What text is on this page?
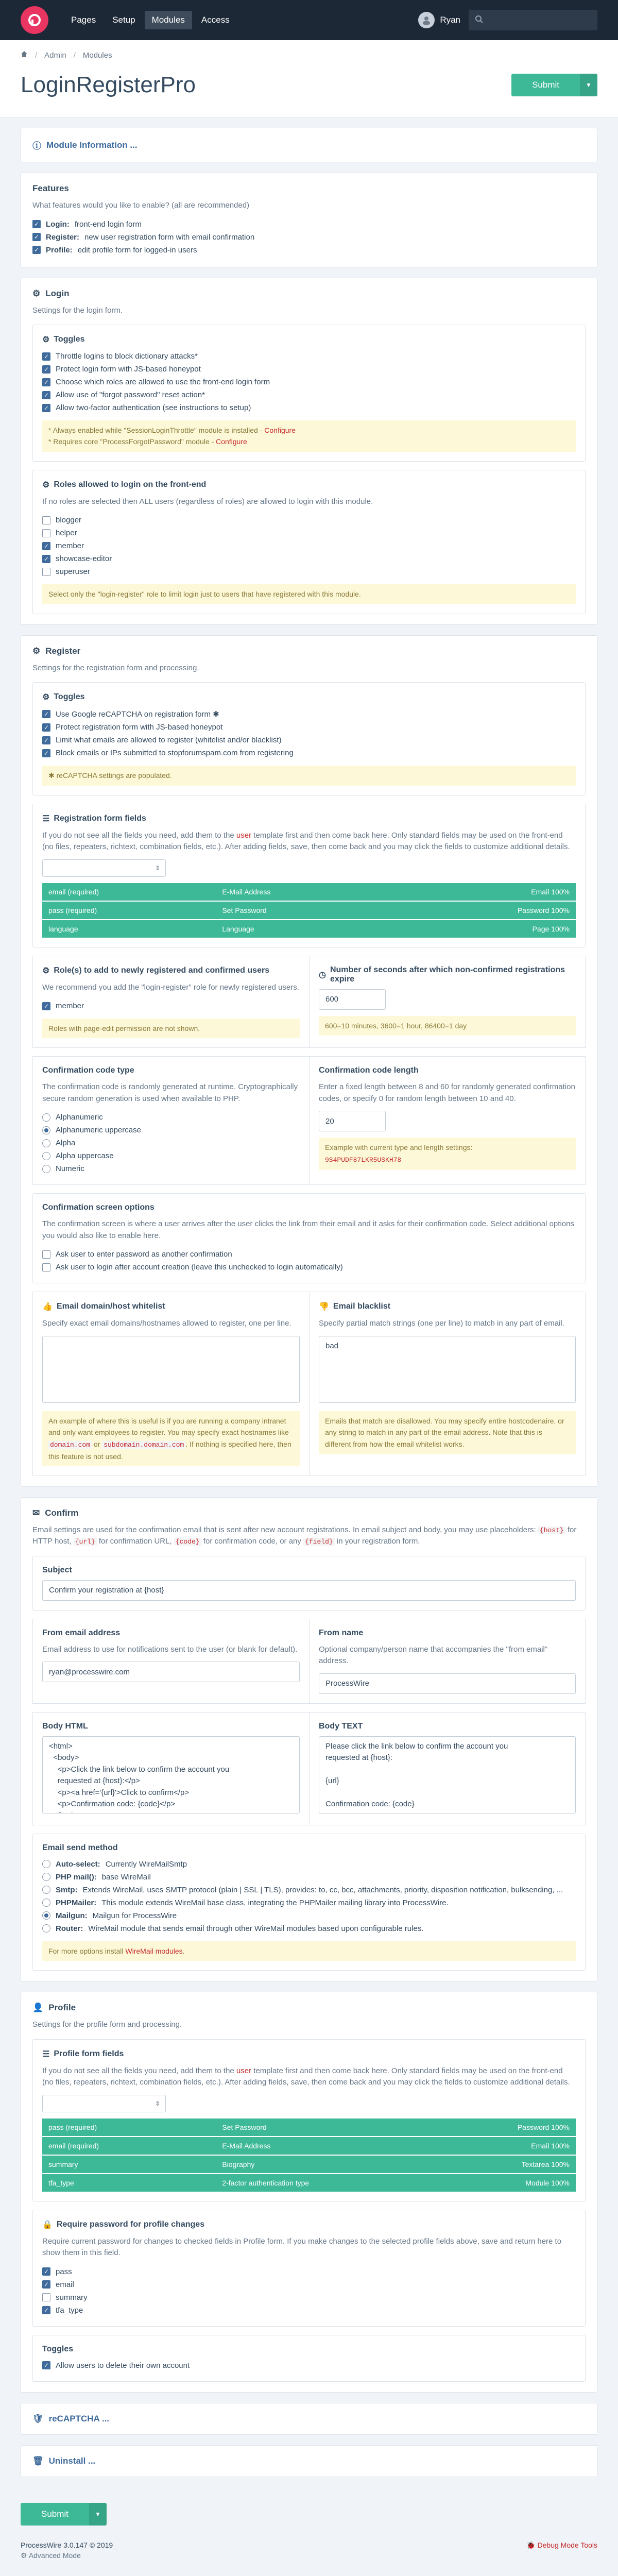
Pages	Setup	Modules	Access	Ryan
/ Admin / Modules
LoginRegisterPro	Submit	▼
ⓘ Module Information ...
Features
What features would you like to enable? (all are recommended)
✓ Login: front-end login form
✓ Register: new user registration form with email confirmation
✓ Profile: edit profile form for logged-in users
⚙ Login
Settings for the login form.
⚙ Toggles
✓ Throttle logins to block dictionary attacks*
✓ Protect login form with JS-based honeypot
✓ Choose which roles are allowed to use the front-end login form
✓ Allow use of "forgot password" reset action*
✓ Allow two-factor authentication (see instructions to setup)
* Always enabled while "SessionLoginThrottle" module is installed - Configure
* Requires core "ProcessForgotPassword" module - Configure
⚙ Roles allowed to login on the front-end
If no roles are selected then ALL users (regardless of roles) are allowed to login with this module.
blogger
helper
✓ member
✓ showcase-editor
superuser
Select only the "login-register" role to limit login just to users that have registered with this module.
⚙ Register
Settings for the registration form and processing.
⚙ Toggles
✓ Use Google reCAPTCHA on registration form ✱
✓ Protect registration form with JS-based honeypot
✓ Limit what emails are allowed to register (whitelist and/or blacklist)
✓ Block emails or IPs submitted to stopforumspam.com from registering
✱ reCAPTCHA settings are populated.
☰ Registration form fields
If you do not see all the fields you need, add them to the user template first and then come back here. Only standard fields may be used on the front-end (no files, repeaters, richtext, combination fields, etc.). After adding fields, save, then come back and you may click the fields to customize additional details.
⇕
email (required)	E-Mail Address	Email 100%
pass (required)	Set Password	Password 100%
language	Language	Page 100%
⚙ Role(s) to add to newly registered and confirmed users
We recommend you add the "login-register" role for newly registered users.
✓ member
Roles with page-edit permission are not shown.
◷
Number of seconds after which non-confirmed registrations expire
600
600=10 minutes, 3600=1 hour, 86400=1 day
Confirmation code type
The confirmation code is randomly generated at runtime. Cryptographically secure random generation is used when available to PHP.
Alphanumeric
Alphanumeric uppercase
Alpha
Alpha uppercase
Numeric
Confirmation code length
Enter a fixed length between 8 and 60 for randomly generated confirmation codes, or specify 0 for random length between 10 and 40.
20
Example with current type and length settings:
9S4PUDF87LKR5USKH78
Confirmation screen options
The confirmation screen is where a user arrives after the user clicks the link from their email and it asks for their confirmation code. Select additional options you would also like to enable here.
Ask user to enter password as another confirmation
Ask user to login after account creation (leave this unchecked to login automatically)
👍 Email domain/host whitelist
Specify exact email domains/hostnames allowed to register, one per line.
An example of where this is useful is if you are running a company intranet and only want employees to register. You may specify exact hostnames like domain.com or subdomain.domain.com . If nothing is specified here, then this feature is not used.
👎 Email blacklist
Specify partial match strings (one per line) to match in any part of email.
bad
Emails that match are disallowed. You may specify entire hostcodenaire, or any string to match in any part of the email address. Note that this is different from how the email whitelist works.
✉ Confirm
Email settings are used for the confirmation email that is sent after new account registrations. In email subject and body, you may use placeholders: {host} for HTTP host, {url} for confirmation URL, {code} for confirmation code, or any {field} in your registration form.
Subject
Confirm your registration at {host}
From email address
Email address to use for notifications sent to the user (or blank for default).
ryan@processwire.com
From name
Optional company/person name that accompanies the "from email" address.
ProcessWire
Body HTML
<html> <body> <p>Click the link below to confirm the account you requested at {host}:</p> <p><a href='{url}'>Click to confirm</p> <p>Confirmation code: {code}</p> </body>	Body TEXT
Please click the link below to confirm the account you requested at {host}: {url} Confirmation code: {code}
Email send method
Auto-select: Currently WireMailSmtp
PHP mail(): base WireMail
Smtp: Extends WireMail, uses SMTP protocol (plain | SSL | TLS), provides: to, cc, bcc, attachments, priority, disposition notification, bulksending, ...
PHPMailer: This module extends WireMail base class, integrating the PHPMailer mailing library into ProcessWire.
Mailgun: Mailgun for ProcessWire
Router: WireMail module that sends email through other WireMail modules based upon configurable rules.
For more options install WireMail modules.
👤 Profile
Settings for the profile form and processing.
☰ Profile form fields
If you do not see all the fields you need, add them to the user template first and then come back here. Only standard fields may be used on the front-end (no files, repeaters, richtext, combination fields, etc.). After adding fields, save, then come back and you may click the fields to customize additional details.
⇕
pass (required)	Set Password	Password 100%
email (required)	E-Mail Address	Email 100%
summary	Biography	Textarea 100%
tfa_type	2-factor authentication type	Module 100%
🔒 Require password for profile changes
Require current password for changes to checked fields in Profile form. If you make changes to the selected profile fields above, save and return here to show them in this field.
✓ pass
✓ email
summary
✓ tfa_type
Toggles
✓ Allow users to delete their own account
🛡 reCAPTCHA ...
🗑 Uninstall ...
Submit	▼
ProcessWire 3.0.147 © 2019
⚙ Advanced Mode
🐞 Debug Mode Tools
